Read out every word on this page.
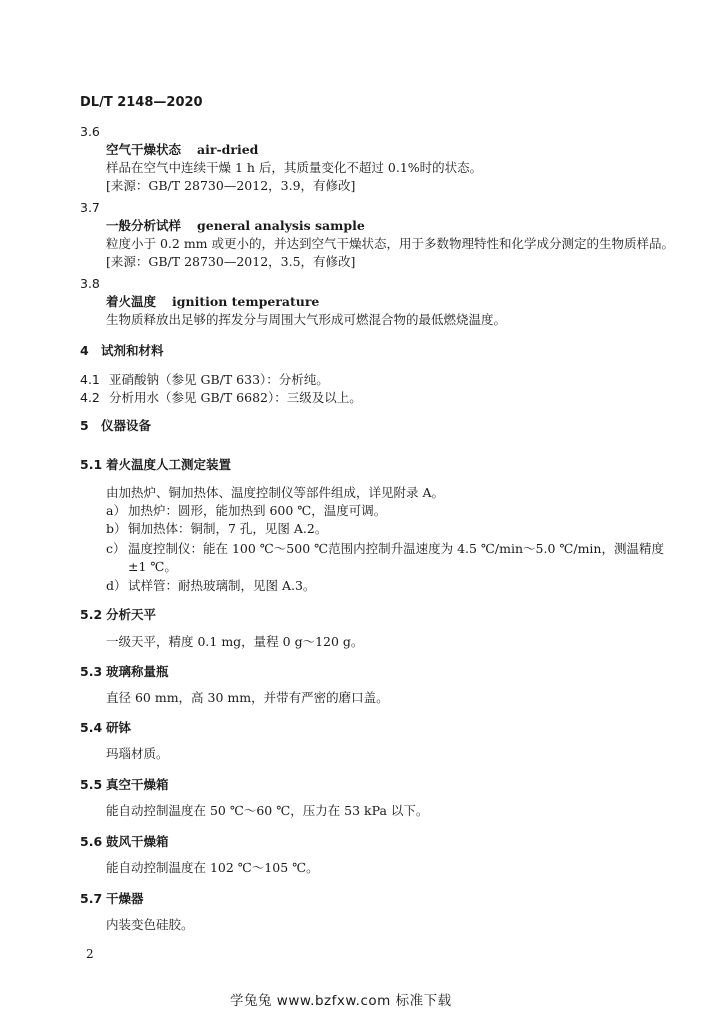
DL/T 2148—2020
3.6
空气干燥状态 air-dried
样品在空气中连续干燥 1 h 后，其质量变化不超过 0.1%时的状态。
[来源：GB/T 28730—2012，3.9，有修改]
3.7
一般分析试样 general analysis sample
粒度小于 0.2 mm 或更小的，并达到空气干燥状态，用于多数物理特性和化学成分测定的生物质样品。
[来源：GB/T 28730—2012，3.5，有修改]
3.8
着火温度 ignition temperature
生物质释放出足够的挥发分与周围大气形成可燃混合物的最低燃烧温度。
4 试剂和材料
4.1 亚硝酸钠（参见 GB/T 633）：分析纯。
4.2 分析用水（参见 GB/T 6682）：三级及以上。
5 仪器设备
5.1 着火温度人工测定装置
由加热炉、铜加热体、温度控制仪等部件组成，详见附录 A。
a） 加热炉：圆形，能加热到 600 ℃，温度可调。
b） 铜加热体：铜制，7 孔，见图 A.2。
c） 温度控制仪：能在 100 ℃～500 ℃范围内控制升温速度为 4.5 ℃/min～5.0 ℃/min，测温精度
±1 ℃。
d） 试样管：耐热玻璃制，见图 A.3。
5.2 分析天平
一级天平，精度 0.1 mg，量程 0 g～120 g。
5.3 玻璃称量瓶
直径 60 mm，高 30 mm，并带有严密的磨口盖。
5.4 研钵
玛瑙材质。
5.5 真空干燥箱
能自动控制温度在 50 ℃～60 ℃，压力在 53 kPa 以下。
5.6 鼓风干燥箱
能自动控制温度在 102 ℃～105 ℃。
5.7 干燥器
内装变色硅胶。
2
学兔兔 www.bzfxw.com 标准下载
